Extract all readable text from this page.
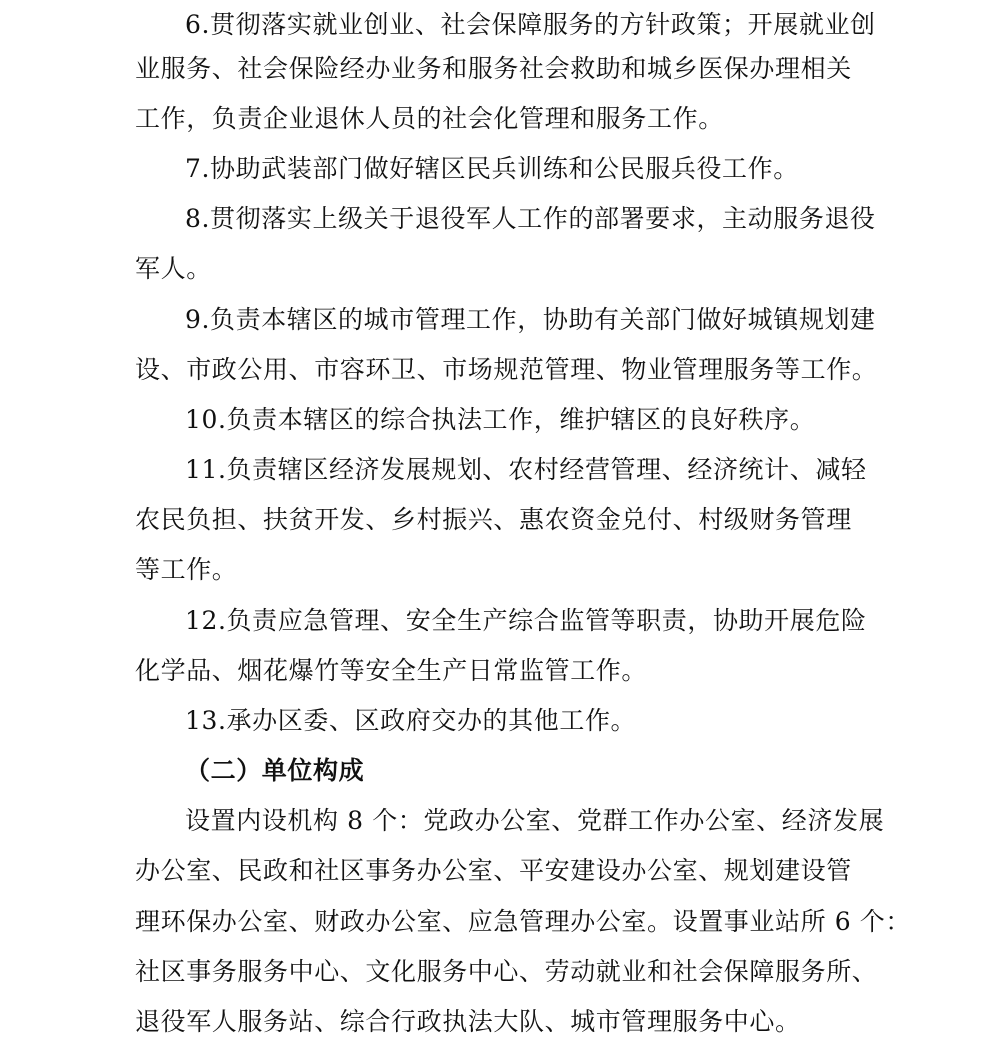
6.贯彻落实就业创业、社会保障服务的方针政策；开展就业创
业服务、社会保险经办业务和服务社会救助和城乡医保办理相关
工作，负责企业退休人员的社会化管理和服务工作。
7.协助武装部门做好辖区民兵训练和公民服兵役工作。
8.贯彻落实上级关于退役军人工作的部署要求，主动服务退役
军人。
9.负责本辖区的城市管理工作，协助有关部门做好城镇规划建
设、市政公用、市容环卫、市场规范管理、物业管理服务等工作。
10.负责本辖区的综合执法工作，维护辖区的良好秩序。
11.负责辖区经济发展规划、农村经营管理、经济统计、减轻
农民负担、扶贫开发、乡村振兴、惠农资金兑付、村级财务管理
等工作。
12.负责应急管理、安全生产综合监管等职责，协助开展危险
化学品、烟花爆竹等安全生产日常监管工作。
13.承办区委、区政府交办的其他工作。
（二）单位构成
设置内设机构 8 个：党政办公室、党群工作办公室、经济发展
办公室、民政和社区事务办公室、平安建设办公室、规划建设管
理环保办公室、财政办公室、应急管理办公室。设置事业站所 6 个：
社区事务服务中心、文化服务中心、劳动就业和社会保障服务所、
退役军人服务站、综合行政执法大队、城市管理服务中心。
